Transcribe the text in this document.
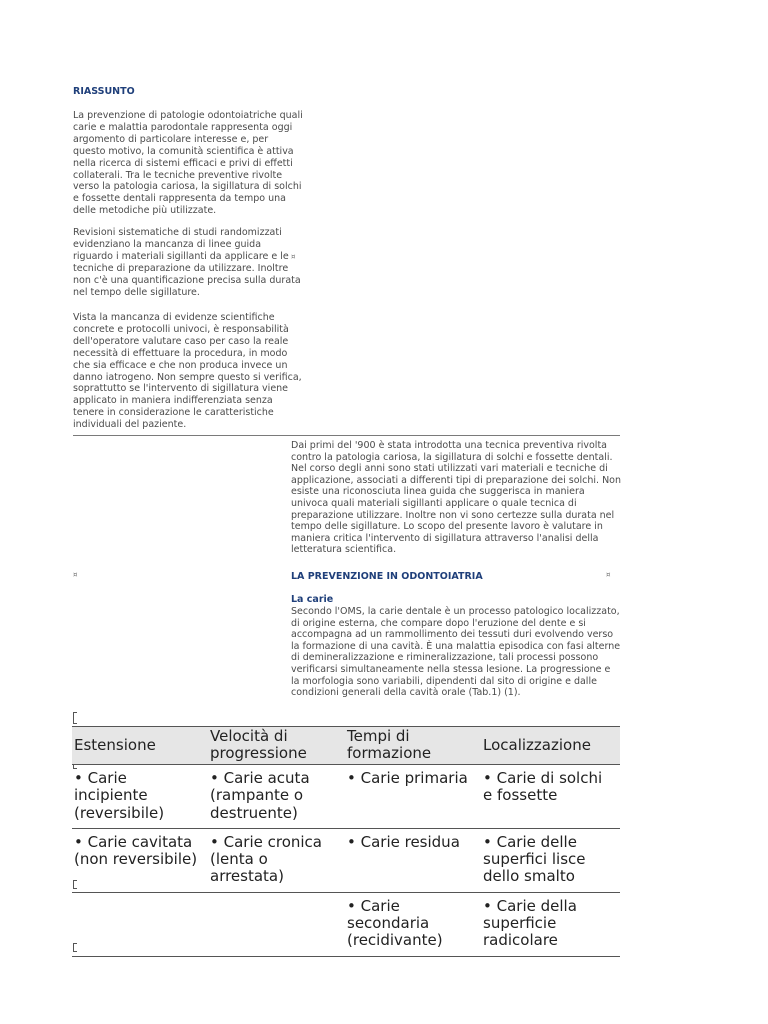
RIASSUNTO

La prevenzione di patologie odontoiatriche quali carie e malattia parodontale rappresenta oggi argomento di particolare interesse e, per questo motivo, la comunità scientifica è attiva nella ricerca di sistemi efficaci e privi di effetti collaterali. Tra le tecniche preventive rivolte verso la patologia cariosa, la sigillatura di solchi e fossette dentali rappresenta da tempo una delle metodiche più utilizzate.

Revisioni sistematiche di studi randomizzati evidenziano la mancanza di linee guida riguardo i materiali sigillanti da applicare e le tecniche di preparazione da utilizzare. Inoltre non c'è una quantificazione precisa sulla durata nel tempo delle sigillature.

Vista la mancanza di evidenze scientifiche concrete e protocolli univoci, è responsabilità dell'operatore valutare caso per caso la reale necessità di effettuare la procedura, in modo che sia efficace e che non produca invece un danno iatrogeno. Non sempre questo si verifica, soprattutto se l'intervento di sigillatura viene applicato in maniera indifferenziata senza tenere in considerazione le caratteristiche individuali del paziente.

¤

Dai primi del '900 è stata introdotta una tecnica preventiva rivolta contro la patologia cariosa, la sigillatura di solchi e fossette dentali. Nel corso degli anni sono stati utilizzati vari materiali e tecniche di applicazione, associati a differenti tipi di preparazione dei solchi. Non esiste una riconosciuta linea guida che suggerisca in maniera univoca quali materiali sigillanti applicare o quale tecnica di preparazione utilizzare. Inoltre non vi sono certezze sulla durata nel tempo delle sigillature. Lo scopo del presente lavoro è valutare in maniera critica l'intervento di sigillatura attraverso l'analisi della letteratura scientifica.

¤	LA PREVENZIONE IN ODONTOIATRIA	¤
La carie

Secondo l'OMS, la carie dentale è un processo patologico localizzato, di origine esterna, che compare dopo l'eruzione del dente e si accompagna ad un rammollimento dei tessuti duri evolvendo verso la formazione di una cavità. È una malattia episodica con fasi alterne di demineralizzazione e rimineralizzazione, tali processi possono verificarsi simultaneamente nella stessa lesione. La progressione e la morfologia sono variabili, dipendenti dal sito di origine e dalle condizioni generali della cavità orale (Tab.1) (1).

Estensione	Velocità di progressione	Tempi di formazione	Localizzazione
• Carie incipiente (reversibile)	• Carie acuta (rampante o destruente)	• Carie primaria	• Carie di solchi e fossette
• Carie cavitata (non reversibile)	• Carie cronica (lenta o arrestata)	• Carie residua	• Carie delle superfici lisce dello smalto
		• Carie secondaria (recidivante)	• Carie della superficie radicolare
